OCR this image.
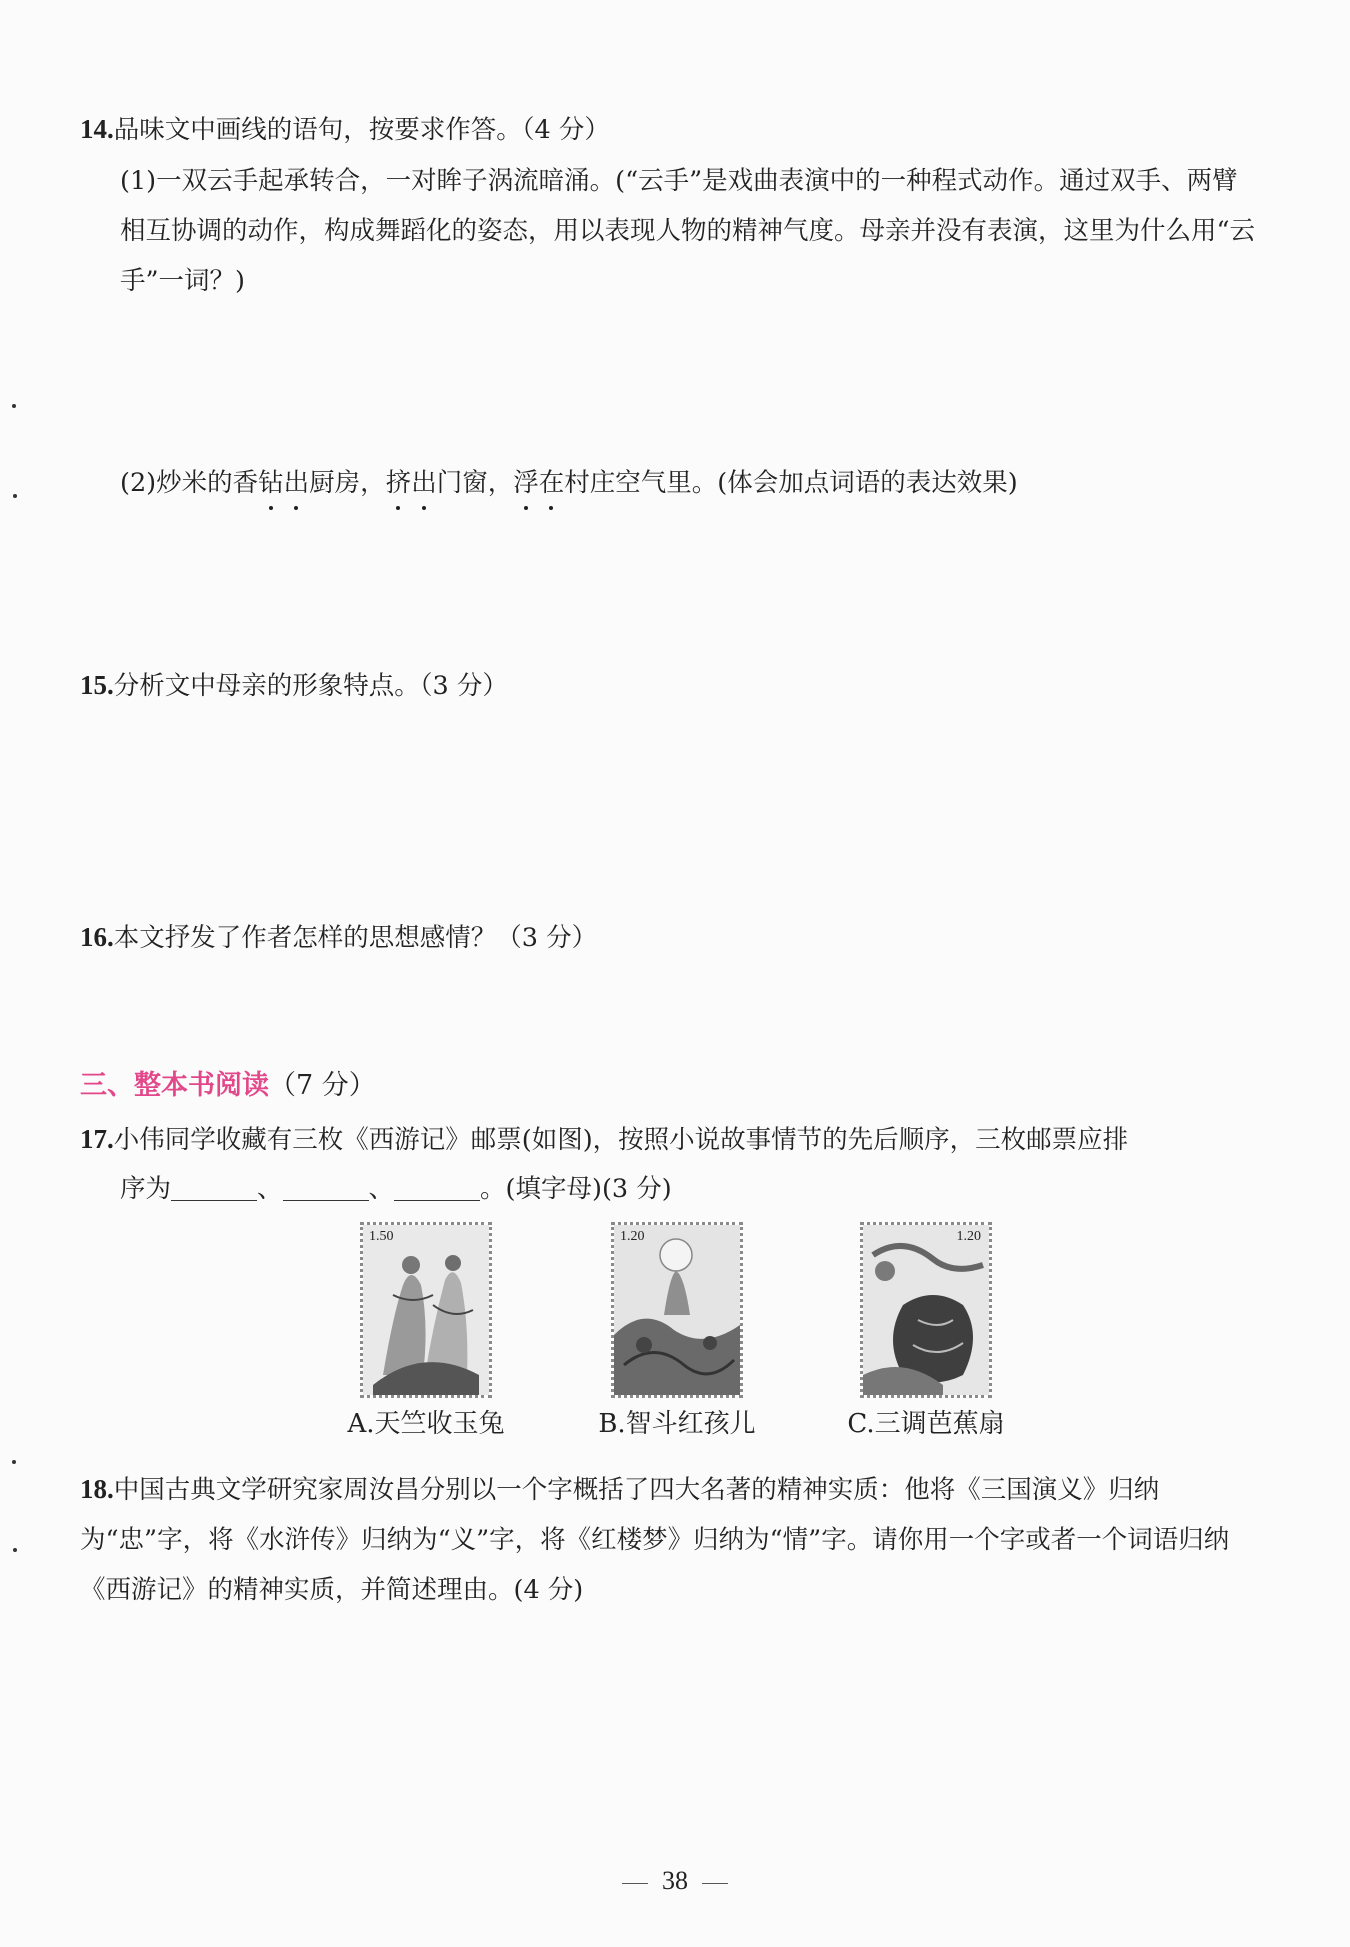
14.品味文中画线的语句，按要求作答。（4 分）
(1)一双云手起承转合，一对眸子涡流暗涌。(“云手”是戏曲表演中的一种程式动作。通过双手、两臂相互协调的动作，构成舞蹈化的姿态，用以表现人物的精神气度。母亲并没有表演，这里为什么用“云手”一词？)
(2)炒米的香钻出厨房，挤出门窗，浮在村庄空气里。(体会加点词语的表达效果)
15.分析文中母亲的形象特点。（3 分）
16.本文抒发了作者怎样的思想感情？（3 分）
三、整本书阅读（7 分）
17.小伟同学收藏有三枚《西游记》邮票(如图)，按照小说故事情节的先后顺序，三枚邮票应排
序为	、	、	。(填字母)(3 分)
1.50
A.天竺收玉兔
1.20
B.智斗红孩儿
1.20
C.三调芭蕉扇
18.中国古典文学研究家周汝昌分别以一个字概括了四大名著的精神实质：他将《三国演义》归纳为“忠”字，将《水浒传》归纳为“义”字，将《红楼梦》归纳为“情”字。请你用一个字或者一个词语归纳《西游记》的精神实质，并简述理由。(4 分)
38
